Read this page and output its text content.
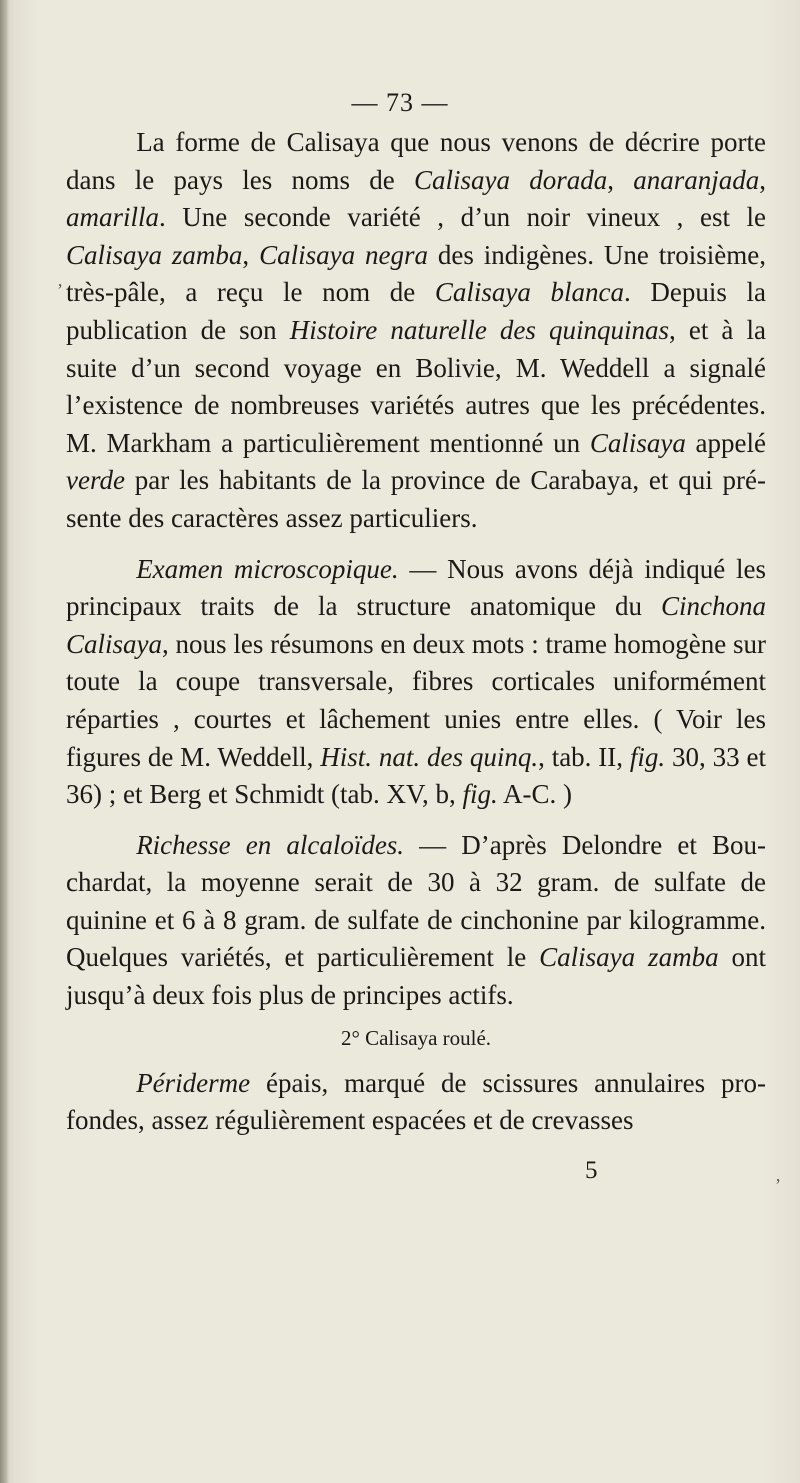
— 73 —

La forme de Calisaya que nous venons de décrire porte dans le pays les noms de Calisaya dorada, anaranjada, amarilla. Une seconde variété , d’un noir vineux , est le Calisaya zamba, Calisaya negra des indigènes. Une troisième, très-pâle, a reçu le nom de Calisaya blanca. Depuis la publication de son Histoire naturelle des quinquinas, et à la suite d’un second voyage en Bolivie, M. Weddell a signalé l’existence de nombreuses variétés autres que les précédentes. M. Markham a particulièrement mentionné un Calisaya appelé verde par les habitants de la province de Carabaya, et qui présente des caractères assez particuliers.

Examen microscopique. — Nous avons déjà indiqué les principaux traits de la structure anatomique du Cinchona Calisaya, nous les résumons en deux mots : trame homogène sur toute la coupe transversale, fibres corticales uniformément réparties , courtes et lâchement unies entre elles. ( Voir les figures de M. Weddell, Hist. nat. des quinq., tab. II, fig. 30, 33 et 36) ; et Berg et Schmidt (tab. XV, b, fig. A-C. )

Richesse en alcaloïdes. — D’après Delondre et Bouchardat, la moyenne serait de 30 à 32 gram. de sulfate de quinine et 6 à 8 gram. de sulfate de cinchonine par kilogramme. Quelques variétés, et particulièrement le Calisaya zamba ont jusqu’à deux fois plus de principes actifs.

2° Calisaya roulé.

Périderme épais, marqué de scissures annulaires profondes, assez régulièrement espacées et de crevasses

5
ʼ
ʼ
